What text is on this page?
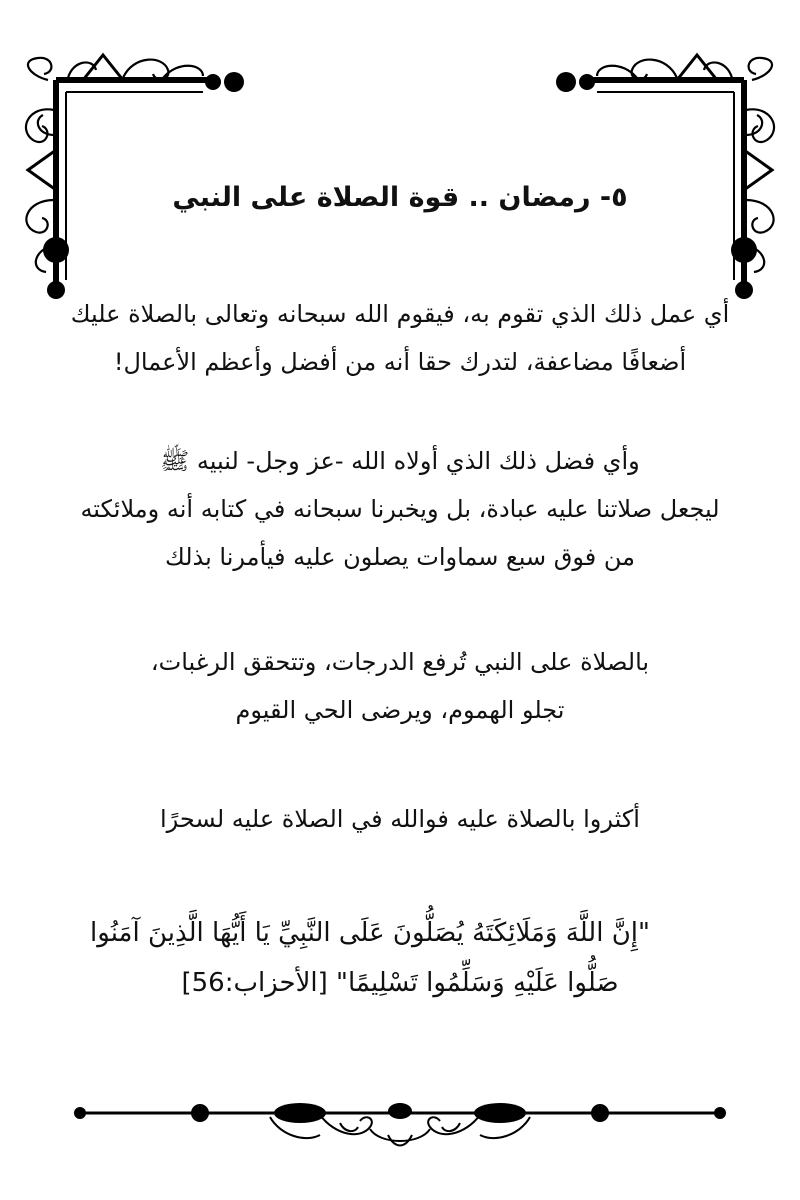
٥- رمضان .. قوة الصلاة على النبي
أي عمل ذلك الذي تقوم به، فيقوم الله سبحانه وتعالى بالصلاة عليك
أضعافًا مضاعفة، لتدرك حقا أنه من أفضل وأعظم الأعمال!
وأي فضل ذلك الذي أولاه الله -عز وجل- لنبيه ﷺ
ليجعل صلاتنا عليه عبادة، بل ويخبرنا سبحانه في كتابه أنه وملائكته
من فوق سبع سماوات يصلون عليه فيأمرنا بذلك
بالصلاة على النبي تُرفع الدرجات، وتتحقق الرغبات،
تجلو الهموم، ويرضى الحي القيوم
أكثروا بالصلاة عليه فوالله في الصلاة عليه لسحرًا
"إِنَّ اللَّهَ وَمَلَائِكَتَهُ يُصَلُّونَ عَلَى النَّبِيِّ يَا أَيُّهَا الَّذِينَ آمَنُوا
صَلُّوا عَلَيْهِ وَسَلِّمُوا تَسْلِيمًا" [الأحزاب:56]
